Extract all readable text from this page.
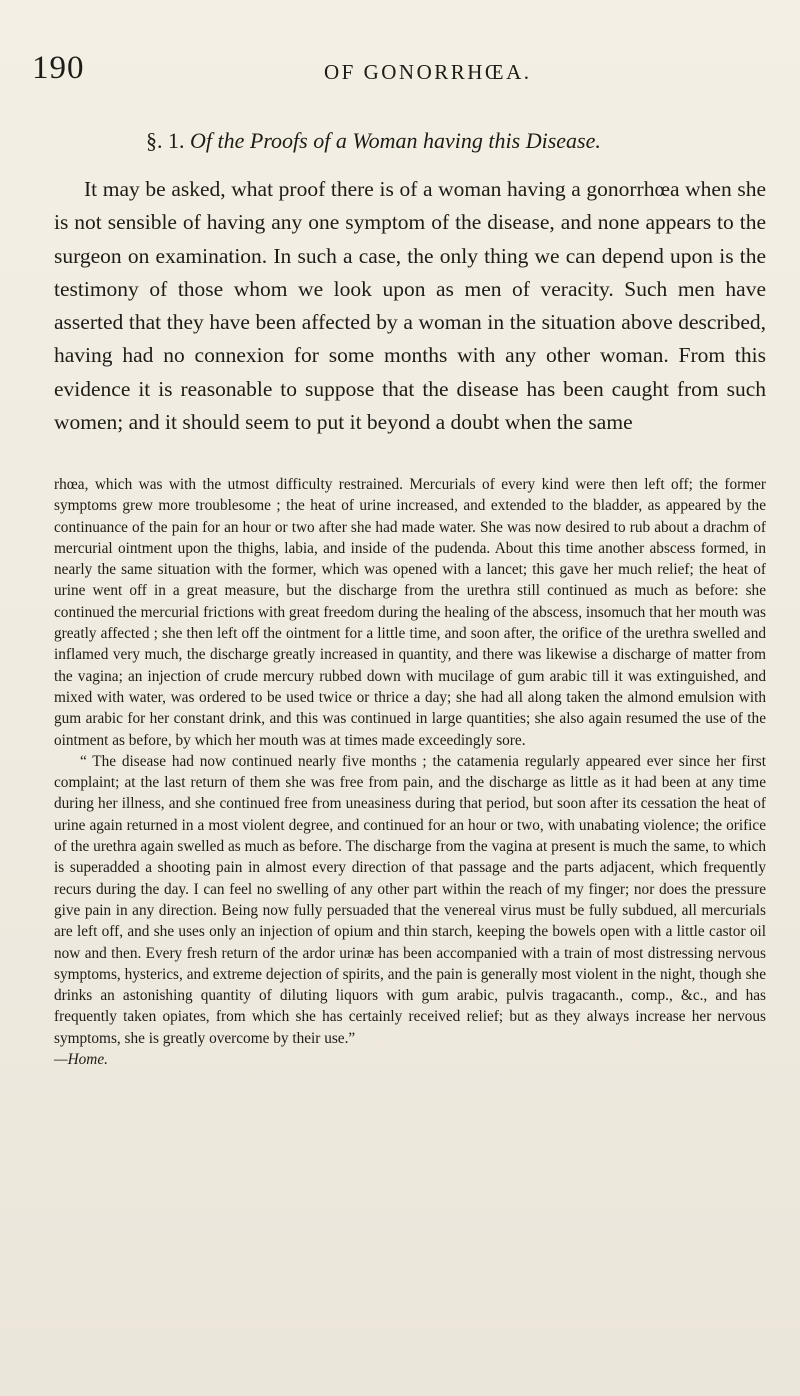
190	OF GONORRHŒA.
§. 1. Of the Proofs of a Woman having this Disease.

It may be asked, what proof there is of a woman having a gonorrhœa when she is not sensible of having any one symptom of the disease, and none appears to the surgeon on examination. In such a case, the only thing we can depend upon is the testimony of those whom we look upon as men of veracity. Such men have asserted that they have been affected by a woman in the situation above described, having had no connexion for some months with any other woman. From this evidence it is reasonable to suppose that the disease has been caught from such women; and it should seem to put it beyond a doubt when the same

rhœa, which was with the utmost difficulty restrained. Mercurials of every kind were then left off; the former symptoms grew more troublesome ; the heat of urine increased, and extended to the bladder, as appeared by the continuance of the pain for an hour or two after she had made water. She was now desired to rub about a drachm of mercurial ointment upon the thighs, labia, and inside of the pudenda. About this time another abscess formed, in nearly the same situation with the former, which was opened with a lancet; this gave her much relief; the heat of urine went off in a great measure, but the discharge from the urethra still continued as much as before: she continued the mercurial frictions with great freedom during the healing of the abscess, insomuch that her mouth was greatly affected ; she then left off the ointment for a little time, and soon after, the orifice of the urethra swelled and inflamed very much, the discharge greatly increased in quantity, and there was likewise a discharge of matter from the vagina; an injection of crude mercury rubbed down with mucilage of gum arabic till it was extinguished, and mixed with water, was ordered to be used twice or thrice a day; she had all along taken the almond emulsion with gum arabic for her constant drink, and this was continued in large quantities; she also again resumed the use of the ointment as before, by which her mouth was at times made exceedingly sore.

“ The disease had now continued nearly five months ; the catamenia regularly appeared ever since her first complaint; at the last return of them she was free from pain, and the discharge as little as it had been at any time during her illness, and she continued free from uneasiness during that period, but soon after its cessation the heat of urine again returned in a most violent degree, and continued for an hour or two, with unabating violence; the orifice of the urethra again swelled as much as before. The discharge from the vagina at present is much the same, to which is superadded a shooting pain in almost every direction of that passage and the parts adjacent, which frequently recurs during the day. I can feel no swelling of any other part within the reach of my finger; nor does the pressure give pain in any direction. Being now fully persuaded that the venereal virus must be fully subdued, all mercurials are left off, and she uses only an injection of opium and thin starch, keeping the bowels open with a little castor oil now and then. Every fresh return of the ardor urinæ has been accompanied with a train of most distressing nervous symptoms, hysterics, and extreme dejection of spirits, and the pain is generally most violent in the night, though she drinks an astonishing quantity of diluting liquors with gum arabic, pulvis tragacanth., comp., &c., and has frequently taken opiates, from which she has certainly received relief; but as they always increase her nervous symptoms, she is greatly overcome by their use.”

—Home.
